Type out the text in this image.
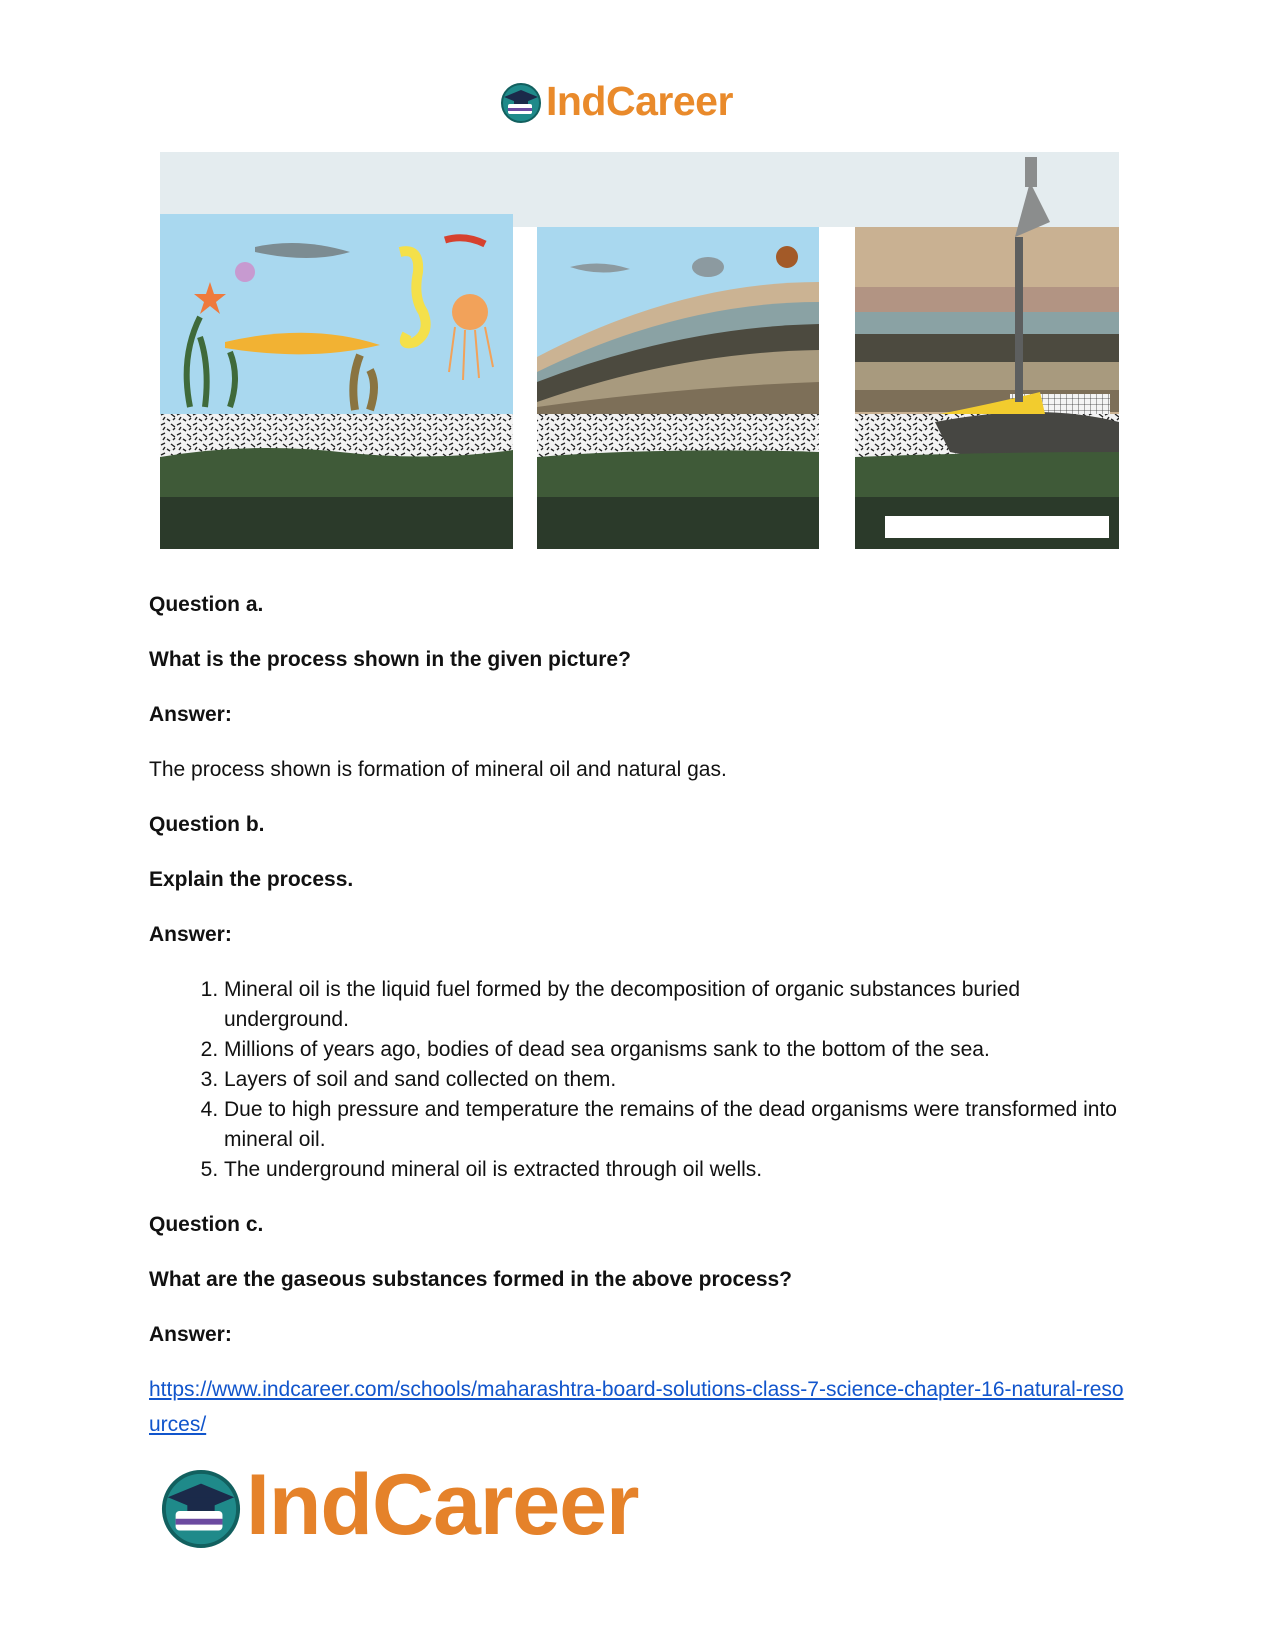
IndCareer

Question a.

What is the process shown in the given picture?

Answer:

The process shown is formation of mineral oil and natural gas.

Question b.

Explain the process.

Answer:

1. Mineral oil is the liquid fuel formed by the decomposition of organic substances buried underground.
2. Millions of years ago, bodies of dead sea organisms sank to the bottom of the sea.
3. Layers of soil and sand collected on them.
4. Due to high pressure and temperature the remains of the dead organisms were transformed into mineral oil.
5. The underground mineral oil is extracted through oil wells.

Question c.

What are the gaseous substances formed in the above process?

Answer:

https://www.indcareer.com/schools/maharashtra-board-solutions-class-7-science-chapter-16-natural-resources/
IndCareer
